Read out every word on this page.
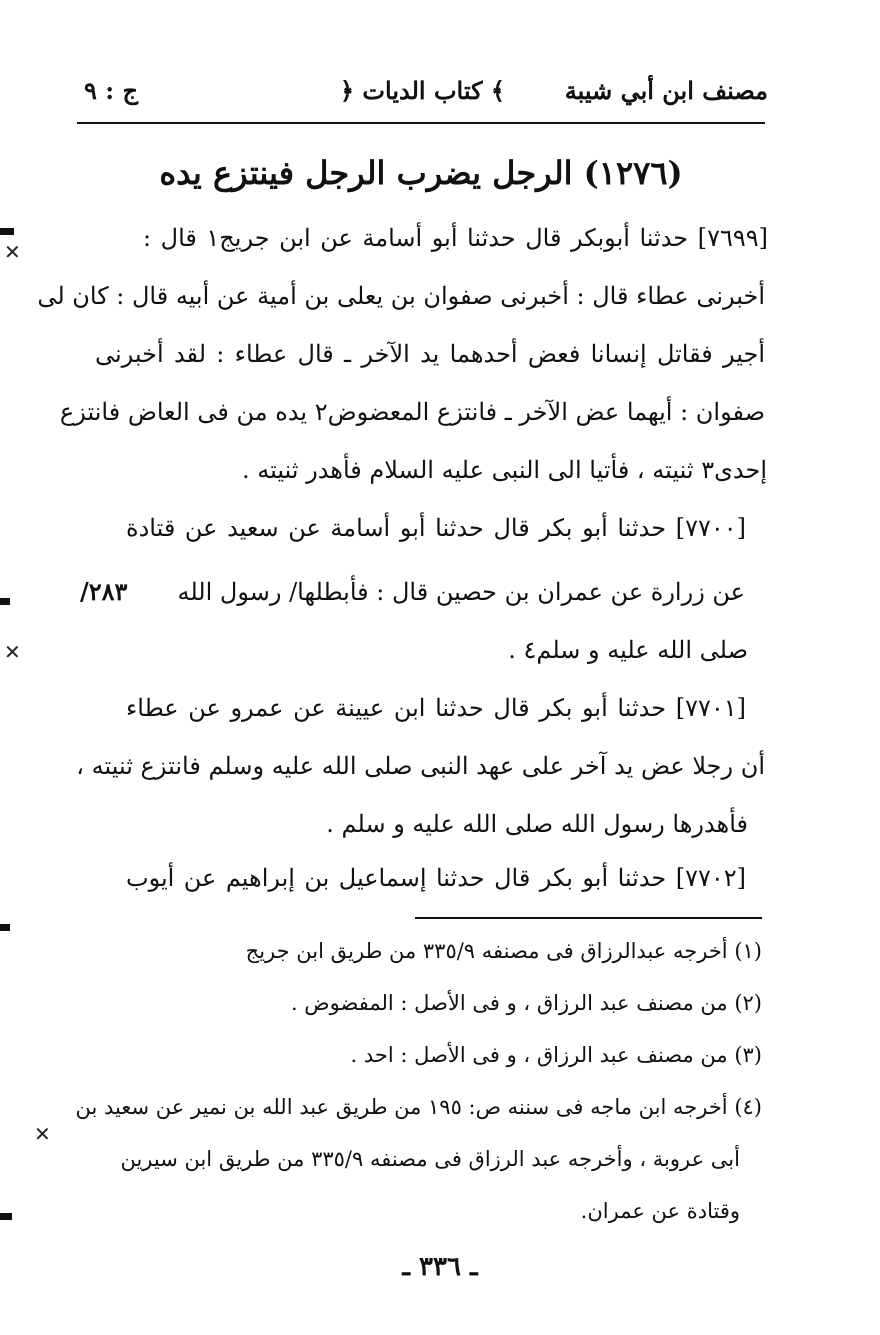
مصنف ابن أبي شيبة
﴿ كتاب الديات ﴾
ج : ٩
(١٢٧٦) الرجل يضرب الرجل فينتزع يده
[٧٦٩٩] حدثنا أبوبكر قال حدثنا أبو أسامة عن ابن جريج١ قال :
أخبرنى عطاء قال : أخبرنى صفوان بن يعلى بن أمية عن أبيه قال : كان لى
أجير فقاتل إنسانا فعض أحدهما يد الآخر ـ قال عطاء : لقد أخبرنى
صفوان : أيهما عض الآخر ـ فانتزع المعضوض٢ يده من فى العاض فانتزع
إحدى٣ ثنيته ، فأتيا الى النبى عليه السلام فأهدر ثنيته .
[٧٧٠٠] حدثنا أبو بكر قال حدثنا أبو أسامة عن سعيد عن قتادة
عن زرارة عن عمران بن حصين قال : فأبطلها/ رسول الله
٢٨٣/
صلى الله عليه و سلم٤ .
[٧٧٠١] حدثنا أبو بكر قال حدثنا ابن عيينة عن عمرو عن عطاء
أن رجلا عض يد آخر على عهد النبى صلى الله عليه وسلم فانتزع ثنيته ،
فأهدرها رسول الله صلى الله عليه و سلم .
[٧٧٠٢] حدثنا أبو بكر قال حدثنا إسماعيل بن إبراهيم عن أيوب
(١) أخرجه عبدالرزاق فى مصنفه ٣٣٥/٩ من طريق ابن جريج
(٢) من مصنف عبد الرزاق ، و فى الأصل : المفضوض .
(٣) من مصنف عبد الرزاق ، و فى الأصل : احد .
(٤) أخرجه ابن ماجه فى سننه ص: ١٩٥ من طريق عبد الله بن نمير عن سعيد بن
أبى عروبة ، وأخرجه عبد الرزاق فى مصنفه ٣٣٥/٩ من طريق ابن سيرين
وقتادة عن عمران.
ـ ٣٣٦ ـ
✕
✕
✕
